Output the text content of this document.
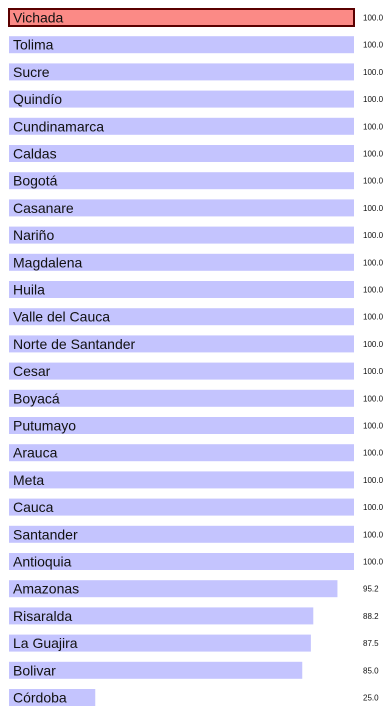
Vichada	100.0
Tolima	100.0
Sucre	100.0
Quindío	100.0
Cundinamarca	100.0
Caldas	100.0
Bogotá	100.0
Casanare	100.0
Nariño	100.0
Magdalena	100.0
Huila	100.0
Valle del Cauca	100.0
Norte de Santander	100.0
Cesar	100.0
Boyacá	100.0
Putumayo	100.0
Arauca	100.0
Meta	100.0
Cauca	100.0
Santander	100.0
Antioquia	100.0
Amazonas	95.2
Risaralda	88.2
La Guajira	87.5
Bolivar	85.0
Córdoba	25.0
